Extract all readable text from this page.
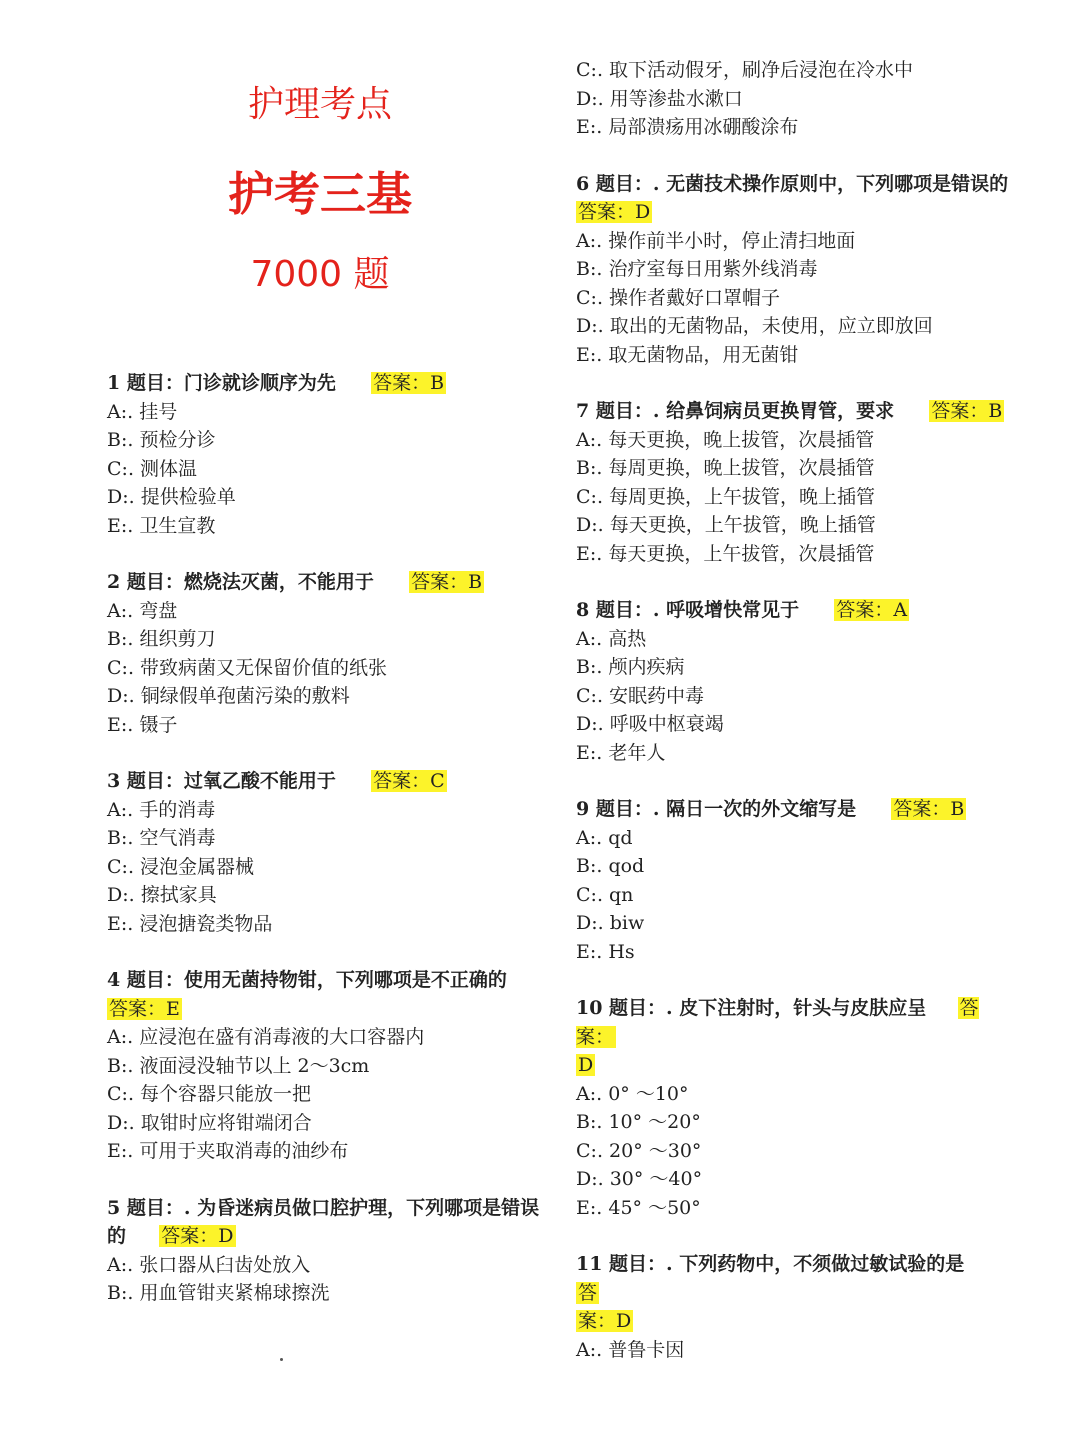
护理考点
护考三基
7000 题
1 题目：门诊就诊顺序为先 答案：B
A:. 挂号
B:. 预检分诊
C:. 测体温
D:. 提供检验单
E:. 卫生宣教
2 题目：燃烧法灭菌，不能用于 答案：B
A:. 弯盘
B:. 组织剪刀
C:. 带致病菌又无保留价值的纸张
D:. 铜绿假单孢菌污染的敷料
E:. 镊子
3 题目：过氧乙酸不能用于 答案：C
A:. 手的消毒
B:. 空气消毒
C:. 浸泡金属器械
D:. 擦拭家具
E:. 浸泡搪瓷类物品
4 题目：使用无菌持物钳，下列哪项是不正确的
答案：E
A:. 应浸泡在盛有消毒液的大口容器内
B:. 液面浸没轴节以上 2～3cm
C:. 每个容器只能放一把
D:. 取钳时应将钳端闭合
E:. 可用于夹取消毒的油纱布
5 题目：. 为昏迷病员做口腔护理，下列哪项是错误
的 答案：D
A:. 张口器从臼齿处放入
B:. 用血管钳夹紧棉球擦洗
C:. 取下活动假牙，刷净后浸泡在冷水中
D:. 用等渗盐水漱口
E:. 局部溃疡用冰硼酸涂布
6 题目：. 无菌技术操作原则中，下列哪项是错误的
答案：D
A:. 操作前半小时，停止清扫地面
B:. 治疗室每日用紫外线消毒
C:. 操作者戴好口罩帽子
D:. 取出的无菌物品，未使用，应立即放回
E:. 取无菌物品，用无菌钳
7 题目：. 给鼻饲病员更换胃管，要求 答案：B
A:. 每天更换，晚上拔管，次晨插管
B:. 每周更换，晚上拔管，次晨插管
C:. 每周更换，上午拔管，晚上插管
D:. 每天更换，上午拔管，晚上插管
E:. 每天更换，上午拔管，次晨插管
8 题目：. 呼吸增快常见于 答案：A
A:. 高热
B:. 颅内疾病
C:. 安眠药中毒
D:. 呼吸中枢衰竭
E:. 老年人
9 题目：. 隔日一次的外文缩写是 答案：B
A:. qd
B:. qod
C:. qn
D:. biw
E:. Hs
10 题目：. 皮下注射时，针头与皮肤应呈 答案：
D
A:. 0° ～10°
B:. 10° ～20°
C:. 20° ～30°
D:. 30° ～40°
E:. 45° ～50°
11 题目：. 下列药物中，不须做过敏试验的是  答
案：D
A:. 普鲁卡因
